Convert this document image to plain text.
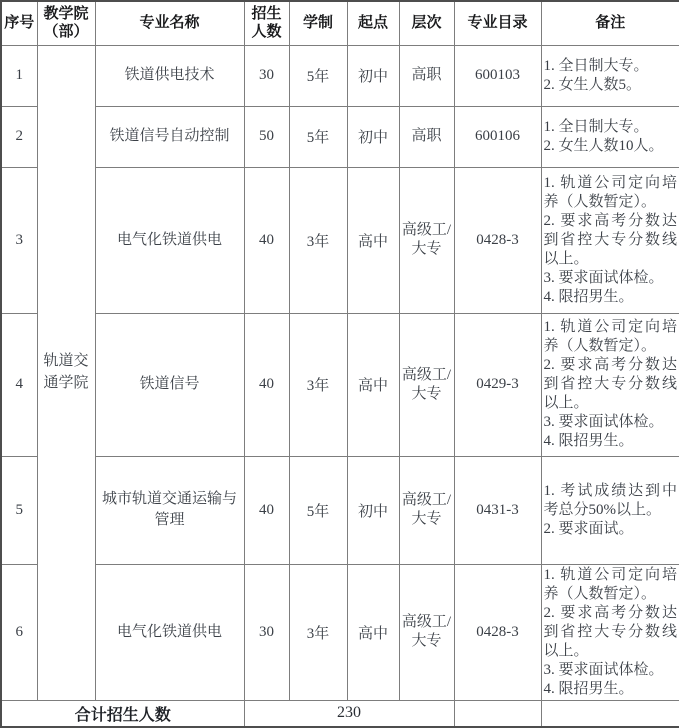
序号	教学院（部）	专业名称	招生人数	学制	起点	层次	专业目录	备注
1	轨道交通学院	铁道供电技术	30	5年	初中	高职	600103	1. 全日制大专。
2. 女生人数5。

2		铁道信号自动控制	50	5年	初中	高职	600106	1. 全日制大专。
2. 女生人数10人。

3		电气化铁道供电	40	3年	高中	高级工/大专	0428-3	1. 轨道公司定向培养（人数暂定）。
2. 要求高考分数达到省控大专分数线以上。
3. 要求面试体检。
4. 限招男生。

4		铁道信号	40	3年	高中	高级工/大专	0429-3	1. 轨道公司定向培养（人数暂定）。
2. 要求高考分数达到省控大专分数线以上。
3. 要求面试体检。
4. 限招男生。

5		城市轨道交通运输与管理	40	5年	初中	高级工/大专	0431-3	1. 考试成绩达到中考总分50%以上。
2. 要求面试。

6		电气化铁道供电	30	3年	高中	高级工/大专	0428-3	1. 轨道公司定向培养（人数暂定）。
2. 要求高考分数达到省控大专分数线以上。
3. 要求面试体检。
4. 限招男生。

合计招生人数			230					
